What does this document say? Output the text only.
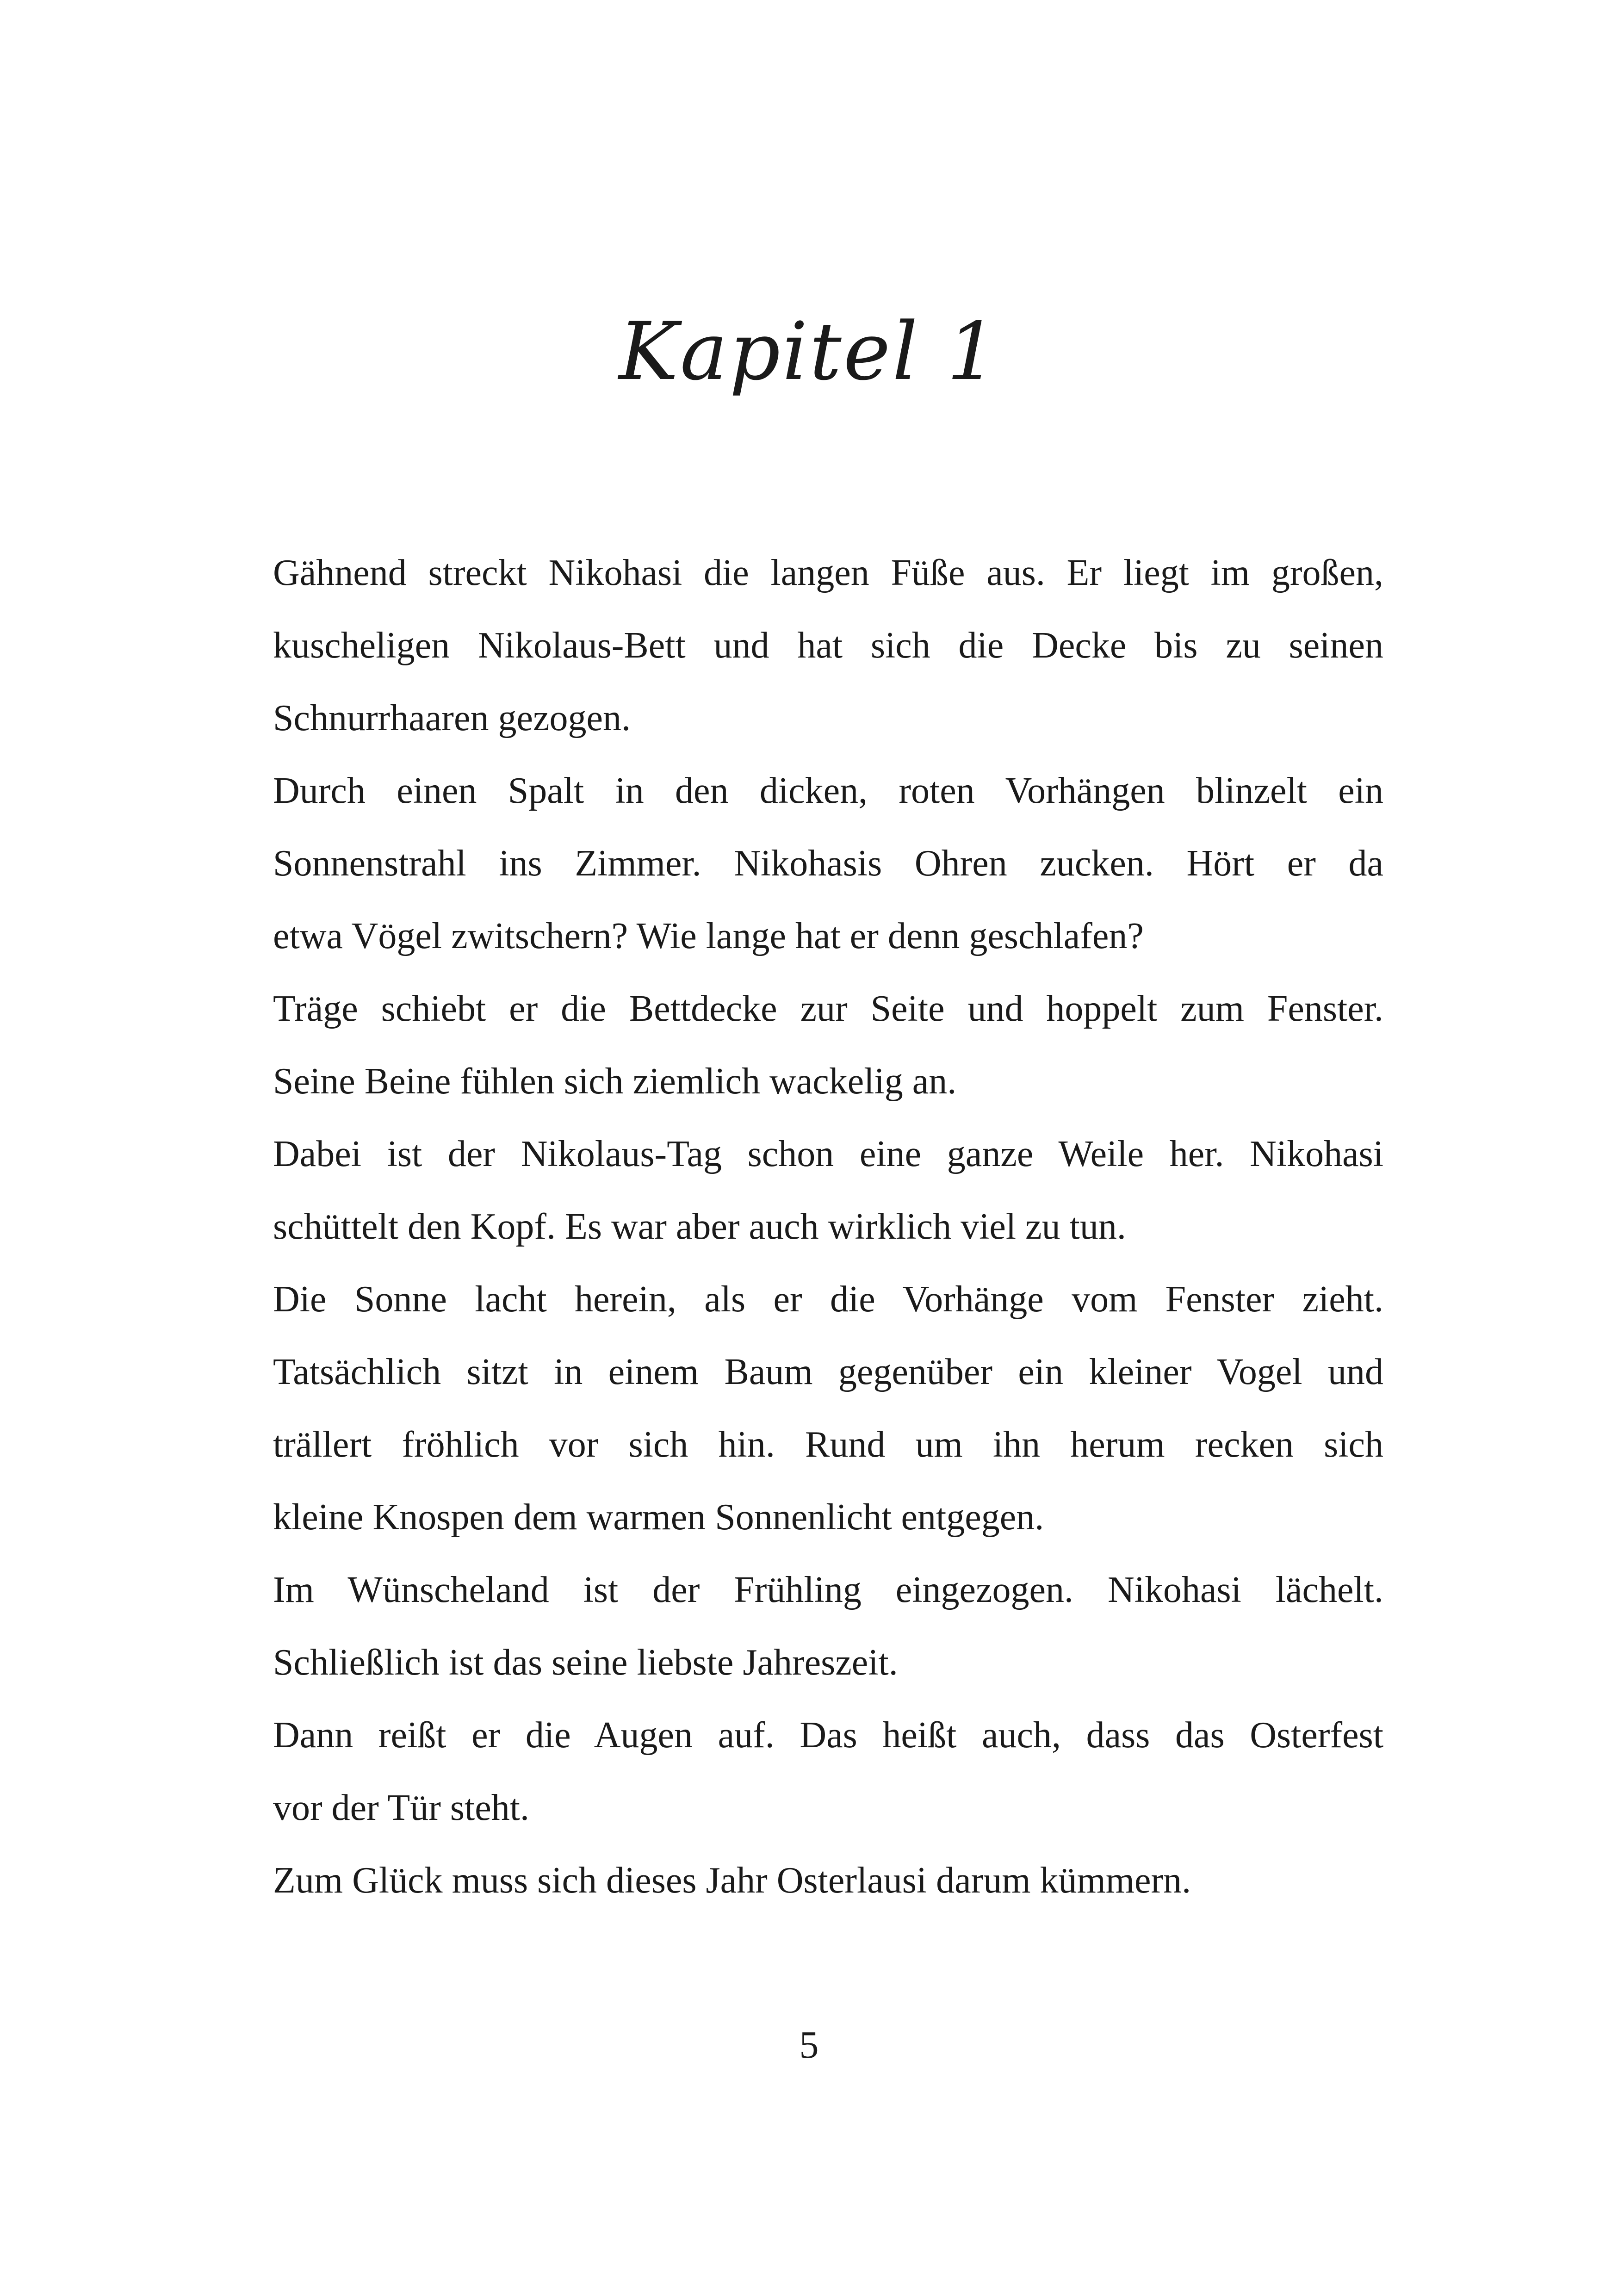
Kapitel 1
Gähnend streckt Nikohasi die langen Füße aus. Er liegt im großen,
kuscheligen Nikolaus-Bett und hat sich die Decke bis zu seinen
Schnurrhaaren gezogen.
Durch einen Spalt in den dicken, roten Vorhängen blinzelt ein
Sonnenstrahl ins Zimmer. Nikohasis Ohren zucken. Hört er da
etwa Vögel zwitschern? Wie lange hat er denn geschlafen?
Träge schiebt er die Bettdecke zur Seite und hoppelt zum Fenster.
Seine Beine fühlen sich ziemlich wackelig an.
Dabei ist der Nikolaus-Tag schon eine ganze Weile her. Nikohasi
schüttelt den Kopf. Es war aber auch wirklich viel zu tun.
Die Sonne lacht herein, als er die Vorhänge vom Fenster zieht.
Tatsächlich sitzt in einem Baum gegenüber ein kleiner Vogel und
trällert fröhlich vor sich hin. Rund um ihn herum recken sich
kleine Knospen dem warmen Sonnenlicht entgegen.
Im Wünscheland ist der Frühling eingezogen. Nikohasi lächelt.
Schließlich ist das seine liebste Jahreszeit.
Dann reißt er die Augen auf. Das heißt auch, dass das Osterfest
vor der Tür steht.
Zum Glück muss sich dieses Jahr Osterlausi darum kümmern.
5
